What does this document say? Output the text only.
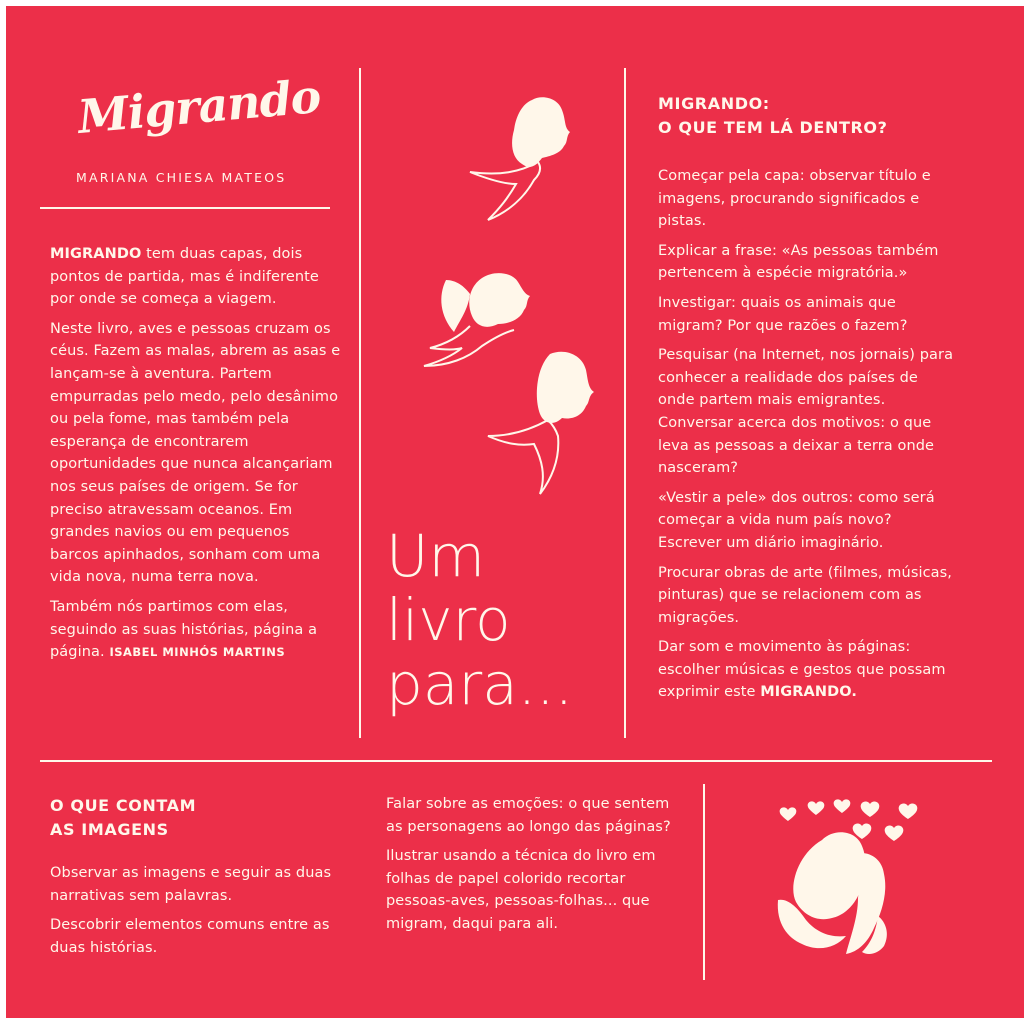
Migrando
MARIANA CHIESA MATEOS

MIGRANDO tem duas capas, dois pontos de partida, mas é indiferente por onde se começa a viagem.

Neste livro, aves e pessoas cruzam os céus. Fazem as malas, abrem as asas e lançam-se à aventura. Partem empurradas pelo medo, pelo desânimo ou pela fome, mas também pela esperança de encontrarem oportunidades que nunca alcançariam nos seus países de origem. Se for preciso atravessam oceanos. Em grandes navios ou em pequenos barcos apinhados, sonham com uma vida nova, numa terra nova.

Também nós partimos com elas, seguindo as suas histórias, página a página. ISABEL MINHÓS MARTINS

Um
livro
para...
MIGRANDO:
O QUE TEM LÁ DENTRO?

Começar pela capa: observar título e imagens, procurando significados e pistas.

Explicar a frase: «As pessoas também pertencem à espécie migratória.»

Investigar: quais os animais que migram? Por que razões o fazem?

Pesquisar (na Internet, nos jornais) para conhecer a realidade dos países de onde partem mais emigrantes. Conversar acerca dos motivos: o que leva as pessoas a deixar a terra onde nasceram?

«Vestir a pele» dos outros: como será começar a vida num país novo? Escrever um diário imaginário.

Procurar obras de arte (filmes, músicas, pinturas) que se relacionem com as migrações.

Dar som e movimento às páginas: escolher músicas e gestos que possam exprimir este MIGRANDO.

O QUE CONTAM
AS IMAGENS

Observar as imagens e seguir as duas narrativas sem palavras.

Descobrir elementos comuns entre as duas histórias.

Falar sobre as emoções: o que sentem as personagens ao longo das páginas?

Ilustrar usando a técnica do livro em folhas de papel colorido recortar pessoas-aves, pessoas-folhas... que migram, daqui para ali.
